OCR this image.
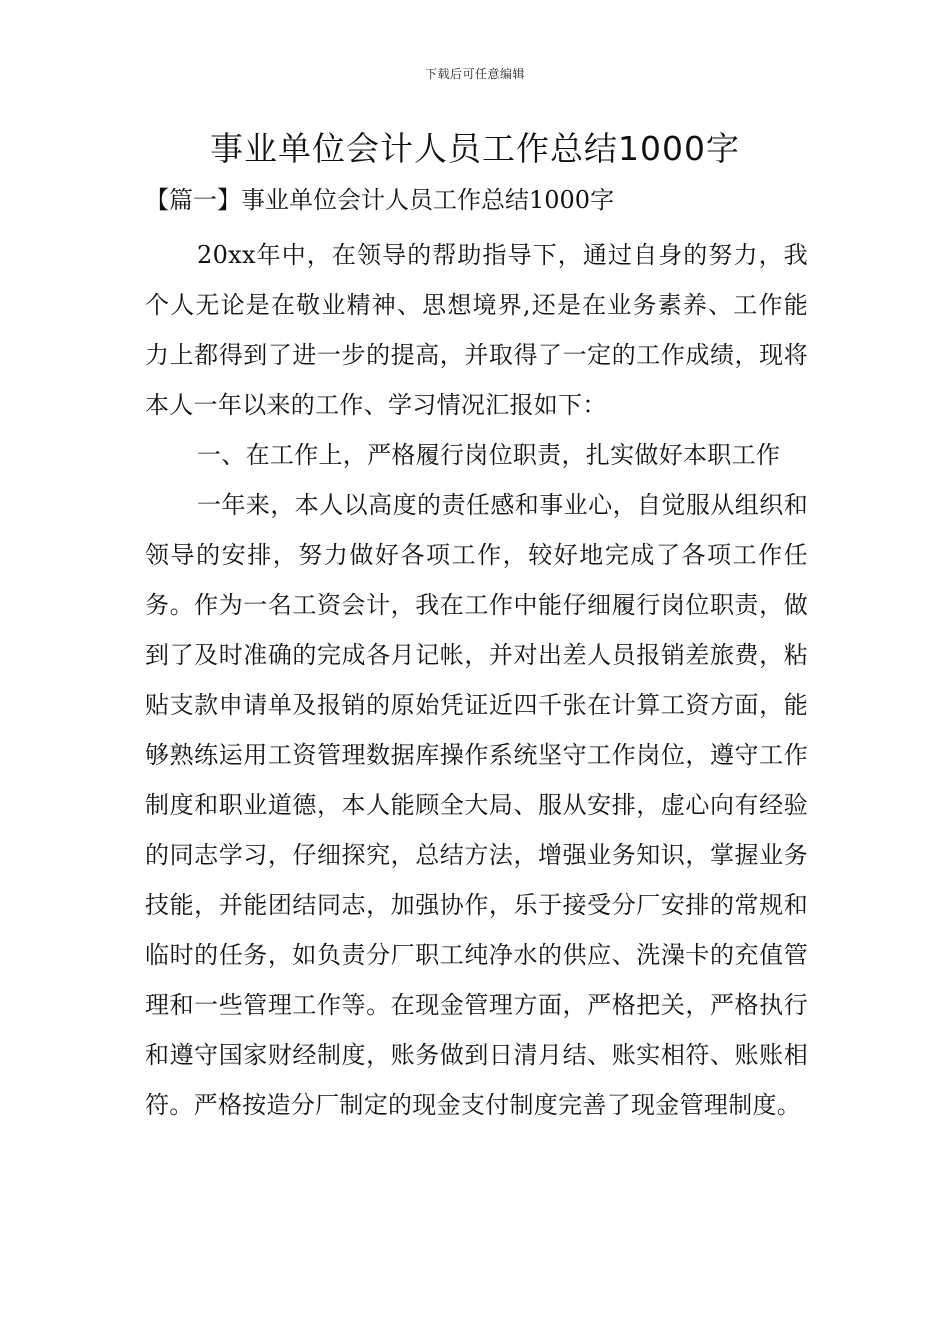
下载后可任意编辑
事业单位会计人员工作总结1000字

【篇一】事业单位会计人员工作总结1000字

20xx年中，在领导的帮助指导下，通过自身的努力，我个人无论是在敬业精神、思想境界,还是在业务素养、工作能力上都得到了进一步的提高，并取得了一定的工作成绩，现将本人一年以来的工作、学习情况汇报如下：

一、在工作上，严格履行岗位职责，扎实做好本职工作

一年来，本人以高度的责任感和事业心，自觉服从组织和领导的安排，努力做好各项工作，较好地完成了各项工作任务。作为一名工资会计，我在工作中能仔细履行岗位职责，做到了及时准确的完成各月记帐，并对出差人员报销差旅费，粘贴支款申请单及报销的原始凭证近四千张在计算工资方面，能够熟练运用工资管理数据库操作系统坚守工作岗位，遵守工作制度和职业道德，本人能顾全大局、服从安排，虚心向有经验的同志学习，仔细探究，总结方法，增强业务知识，掌握业务技能，并能团结同志，加强协作，乐于接受分厂安排的常规和临时的任务，如负责分厂职工纯净水的供应、洗澡卡的充值管理和一些管理工作等。在现金管理方面，严格把关，严格执行和遵守国家财经制度，账务做到日清月结、账实相符、账账相符。严格按造分厂制定的现金支付制度完善了现金管理制度。
